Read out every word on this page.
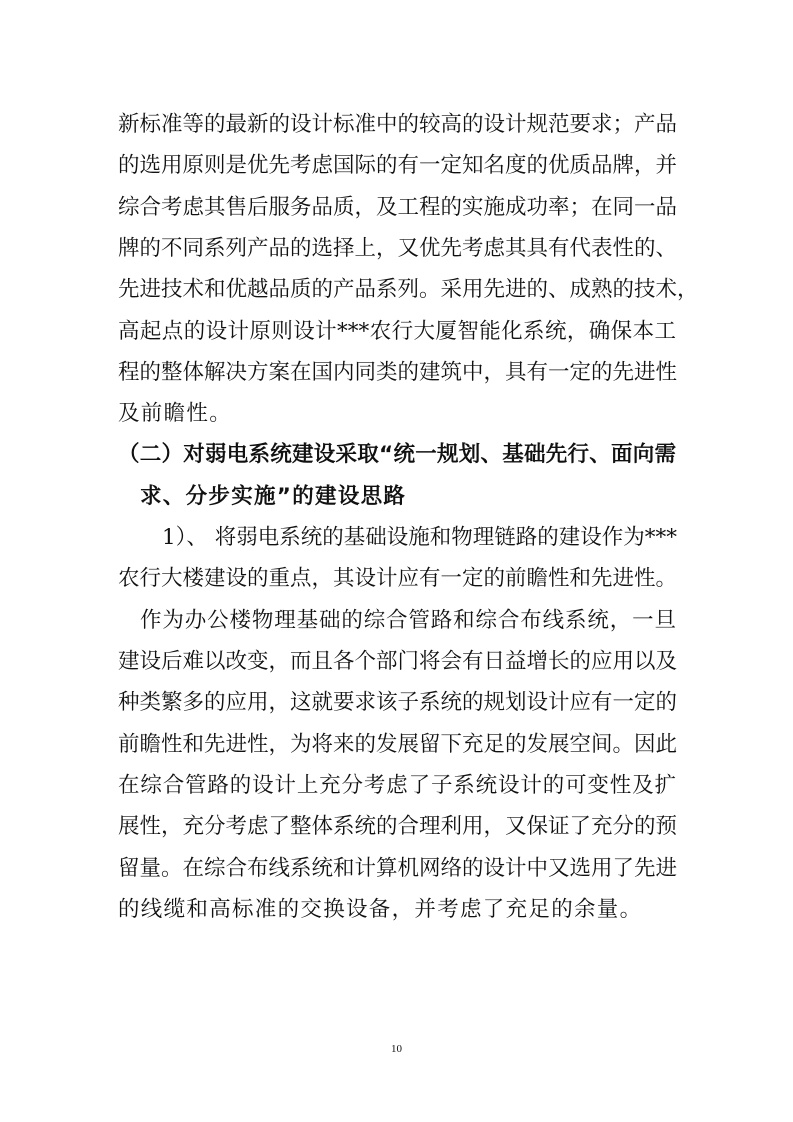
新标准等的最新的设计标准中的较高的设计规范要求；产品
的选用原则是优先考虑国际的有一定知名度的优质品牌，并
综合考虑其售后服务品质，及工程的实施成功率；在同一品
牌的不同系列产品的选择上，又优先考虑其具有代表性的、
先进技术和优越品质的产品系列。采用先进的、成熟的技术，
高起点的设计原则设计***农行大厦智能化系统，确保本工
程的整体解决方案在国内同类的建筑中，具有一定的先进性
及前瞻性。
（二）对弱电系统建设采取“统一规划、基础先行、面向需
求、分步实施”的建设思路
1）、 将弱电系统的基础设施和物理链路的建设作为***
农行大楼建设的重点，其设计应有一定的前瞻性和先进性。
作为办公楼物理基础的综合管路和综合布线系统，一旦
建设后难以改变，而且各个部门将会有日益增长的应用以及
种类繁多的应用，这就要求该子系统的规划设计应有一定的
前瞻性和先进性，为将来的发展留下充足的发展空间。因此
在综合管路的设计上充分考虑了子系统设计的可变性及扩
展性，充分考虑了整体系统的合理利用，又保证了充分的预
留量。在综合布线系统和计算机网络的设计中又选用了先进
的线缆和高标准的交换设备，并考虑了充足的余量。
10
